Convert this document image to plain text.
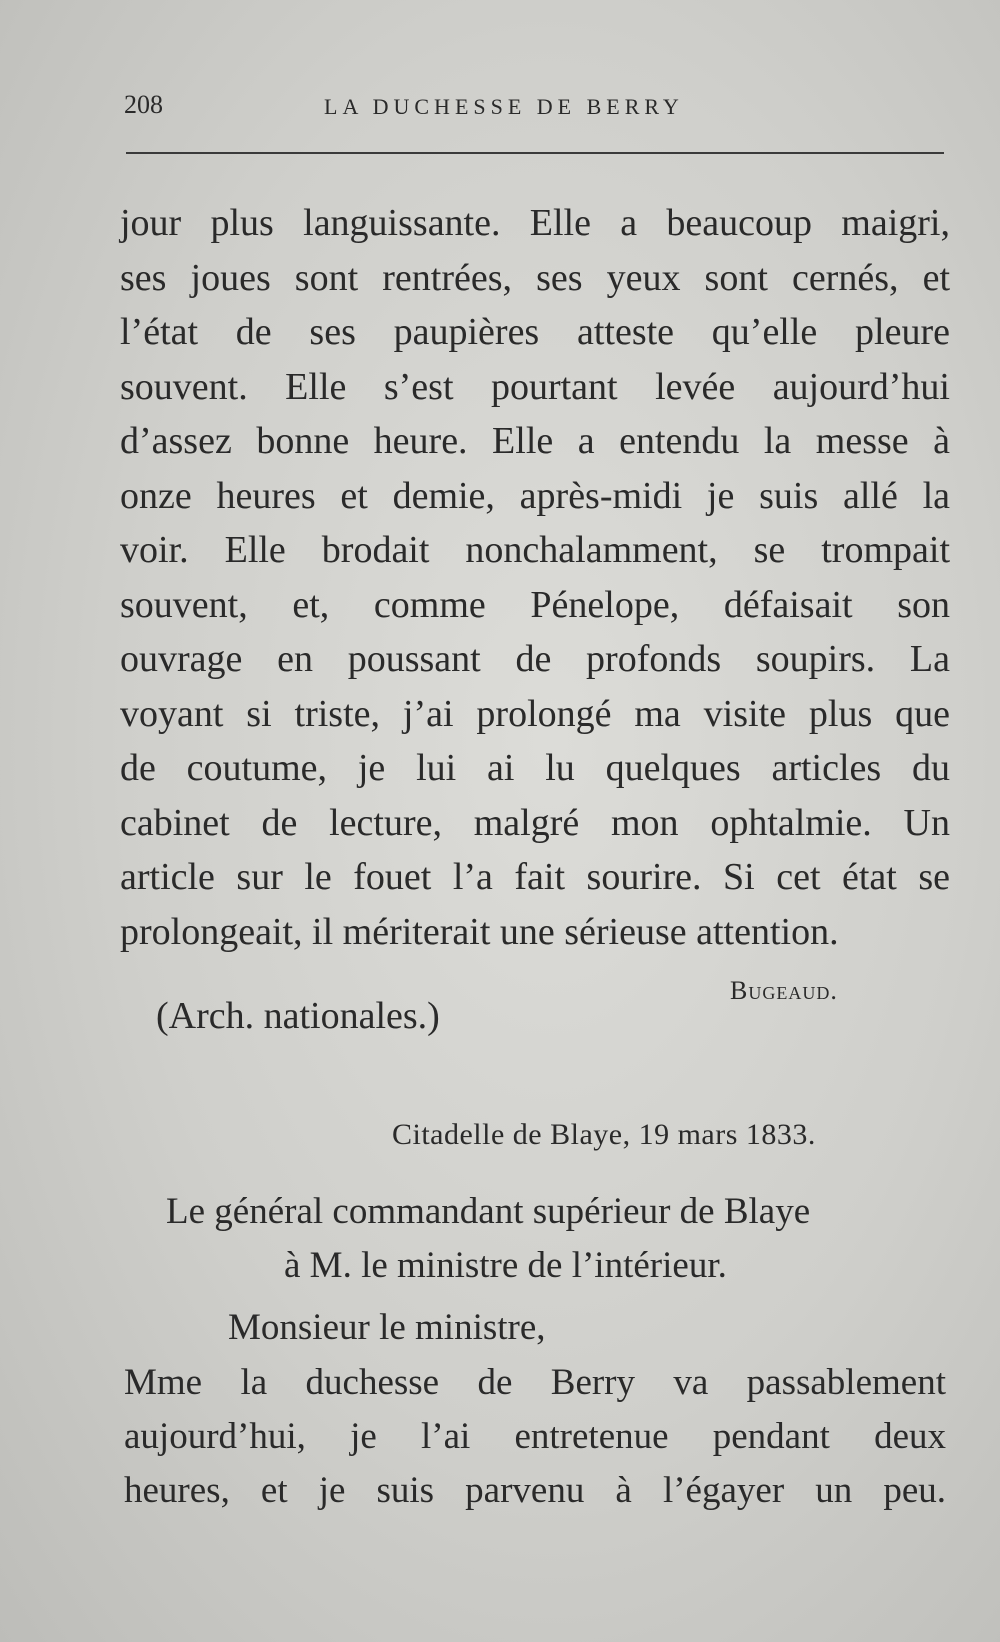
208	LA DUCHESSE DE BERRY
jour plus languissante. Elle a beaucoup maigri,
ses joues sont rentrées, ses yeux sont cernés, et
l’état de ses paupières atteste qu’elle pleure
souvent. Elle s’est pourtant levée aujourd’hui
d’assez bonne heure. Elle a entendu la messe à
onze heures et demie, après-midi je suis allé la
voir. Elle brodait nonchalamment, se trompait
souvent, et, comme Pénelope, défaisait son
ouvrage en poussant de profonds soupirs. La
voyant si triste, j’ai prolongé ma visite plus que
de coutume, je lui ai lu quelques articles du
cabinet de lecture, malgré mon ophtalmie. Un
article sur le fouet l’a fait sourire. Si cet état se
prolongeait, il mériterait une sérieuse attention.
Bugeaud.
(Arch. nationales.)
Citadelle de Blaye, 19 mars 1833.
Le général commandant supérieur de Blaye
à M. le ministre de l’intérieur.
Monsieur le ministre,
Mme la duchesse de Berry va passablement
aujourd’hui, je l’ai entretenue pendant deux
heures, et je suis parvenu à l’égayer un peu.
